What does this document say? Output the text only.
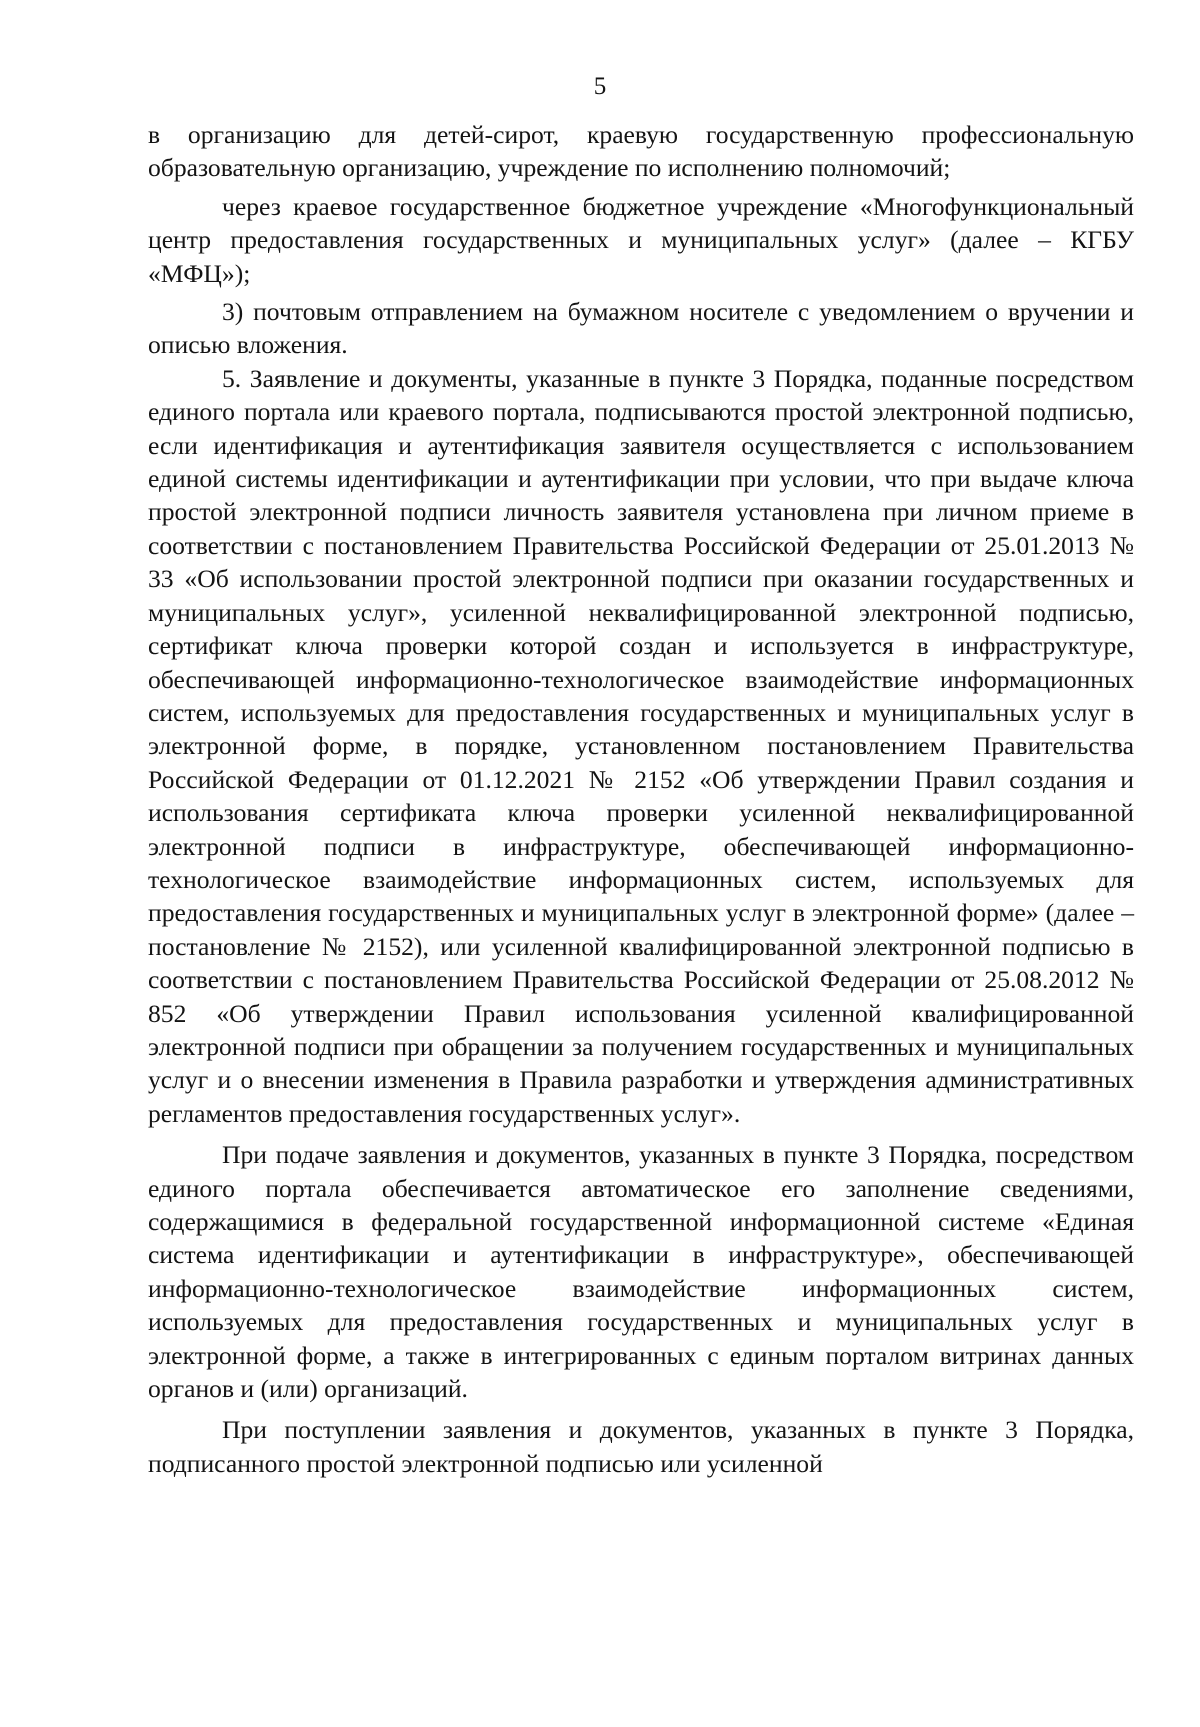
5

в организацию для детей-сирот, краевую государственную профессиональную образовательную организацию, учреждение по исполнению полномочий;

через краевое государственное бюджетное учреждение «Многофункциональный центр предоставления государственных и муниципальных услуг» (далее – КГБУ «МФЦ»);

3) почтовым отправлением на бумажном носителе с уведомлением о вручении и описью вложения.

5. Заявление и документы, указанные в пункте 3 Порядка, поданные посредством единого портала или краевого портала, подписываются простой электронной подписью, если идентификация и аутентификация заявителя осуществляется с использованием единой системы идентификации и аутентификации при условии, что при выдаче ключа простой электронной подписи личность заявителя установлена при личном приеме в соответствии с постановлением Правительства Российской Федерации от 25.01.2013 № 33 «Об использовании простой электронной подписи при оказании государственных и муниципальных услуг», усиленной неквалифицированной электронной подписью, сертификат ключа проверки которой создан и используется в инфраструктуре, обеспечивающей информационно-технологическое взаимодействие информационных систем, используемых для предоставления государственных и муниципальных услуг в электронной форме, в порядке, установленном постановлением Правительства Российской Федерации от 01.12.2021 № 2152 «Об утверждении Правил создания и использования сертификата ключа проверки усиленной неквалифицированной электронной подписи в инфраструктуре, обеспечивающей информационно-технологическое взаимодействие информационных систем, используемых для предоставления государственных и муниципальных услуг в электронной форме» (далее – постановление № 2152), или усиленной квалифицированной электронной подписью в соответствии с постановлением Правительства Российской Федерации от 25.08.2012 № 852 «Об утверждении Правил использования усиленной квалифицированной электронной подписи при обращении за получением государственных и муниципальных услуг и о внесении изменения в Правила разработки и утверждения административных регламентов предоставления государственных услуг».

При подаче заявления и документов, указанных в пункте 3 Порядка, посредством единого портала обеспечивается автоматическое его заполнение сведениями, содержащимися в федеральной государственной информационной системе «Единая система идентификации и аутентификации в инфраструктуре», обеспечивающей информационно-технологическое взаимодействие информационных систем, используемых для предоставления государственных и муниципальных услуг в электронной форме, а также в интегрированных с единым порталом витринах данных органов и (или) организаций.

При поступлении заявления и документов, указанных в пункте 3 Порядка, подписанного простой электронной подписью или усиленной
